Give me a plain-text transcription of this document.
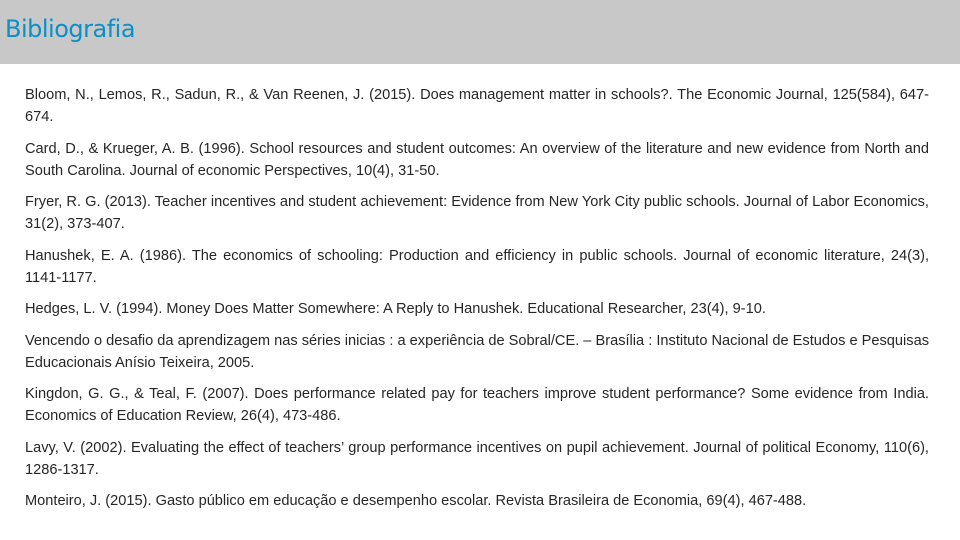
Bibliografia
Bloom, N., Lemos, R., Sadun, R., & Van Reenen, J. (2015). Does management matter in schools?. The Economic Journal, 125(584), 647-674.
Card, D., & Krueger, A. B. (1996). School resources and student outcomes: An overview of the literature and new evidence from North and South Carolina. Journal of economic Perspectives, 10(4), 31-50.
Fryer, R. G. (2013). Teacher incentives and student achievement: Evidence from New York City public schools. Journal of Labor Economics, 31(2), 373-407.
Hanushek, E. A. (1986). The economics of schooling: Production and efficiency in public schools. Journal of economic literature, 24(3), 1141-1177.
Hedges, L. V. (1994). Money Does Matter Somewhere: A Reply to Hanushek. Educational Researcher, 23(4), 9-10.
Vencendo o desafio da aprendizagem nas séries inicias : a experiência de Sobral/CE. – Brasília : Instituto Nacional de Estudos e Pesquisas Educacionais Anísio Teixeira, 2005.
Kingdon, G. G., & Teal, F. (2007). Does performance related pay for teachers improve student performance? Some evidence from India. Economics of Education Review, 26(4), 473-486.
Lavy, V. (2002). Evaluating the effect of teachers’ group performance incentives on pupil achievement. Journal of political Economy, 110(6), 1286-1317.
Monteiro, J. (2015). Gasto público em educação e desempenho escolar. Revista Brasileira de Economia, 69(4), 467-488.
